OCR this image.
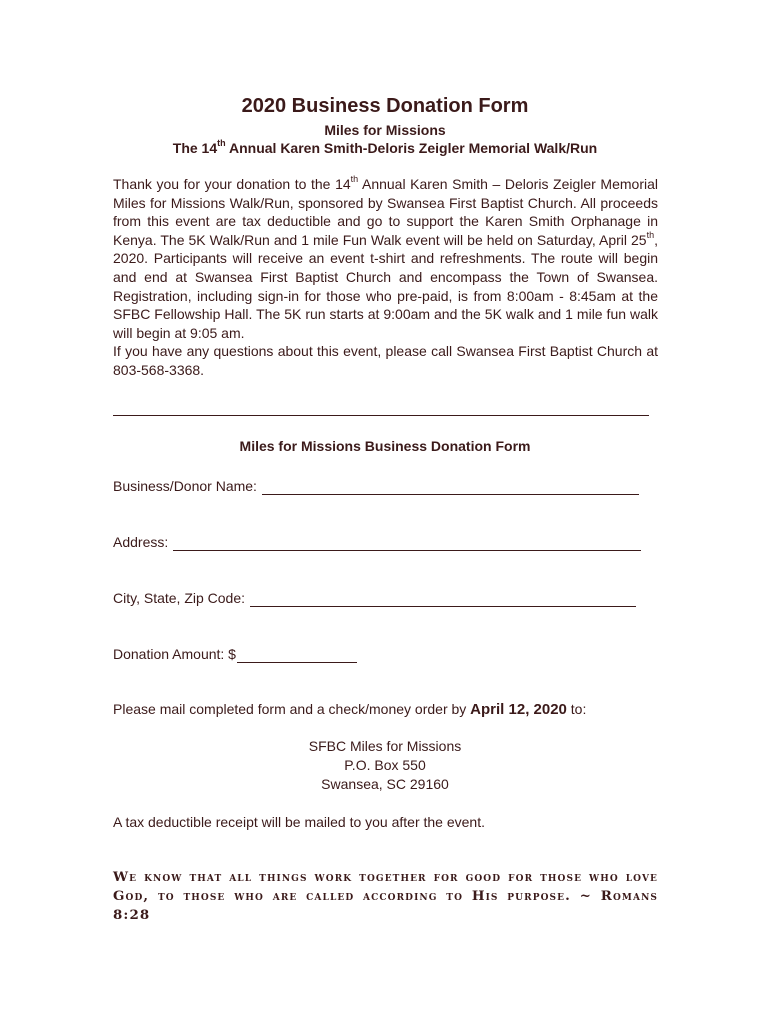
2020 Business Donation Form
Miles for Missions
The 14th Annual Karen Smith-Deloris Zeigler Memorial Walk/Run

Thank you for your donation to the 14th Annual Karen Smith – Deloris Zeigler Memorial Miles for Missions Walk/Run, sponsored by Swansea First Baptist Church. All proceeds from this event are tax deductible and go to support the Karen Smith Orphanage in Kenya. The 5K Walk/Run and 1 mile Fun Walk event will be held on Saturday, April 25th, 2020. Participants will receive an event t-shirt and refreshments. The route will begin and end at Swansea First Baptist Church and encompass the Town of Swansea. Registration, including sign-in for those who pre-paid, is from 8:00am - 8:45am at the SFBC Fellowship Hall. The 5K run starts at 9:00am and the 5K walk and 1 mile fun walk will begin at 9:05 am.

If you have any questions about this event, please call Swansea First Baptist Church at 803-568-3368.

Miles for Missions Business Donation Form
Business/Donor Name:
Address:
City, State, Zip Code:
Donation Amount: $
Please mail completed form and a check/money order by April 12, 2020 to:
SFBC Miles for Missions
P.O. Box 550
Swansea, SC 29160
A tax deductible receipt will be mailed to you after the event.
We know that all things work together for good for those who love God, to those who are called according to His purpose. ~ Romans 8:28
